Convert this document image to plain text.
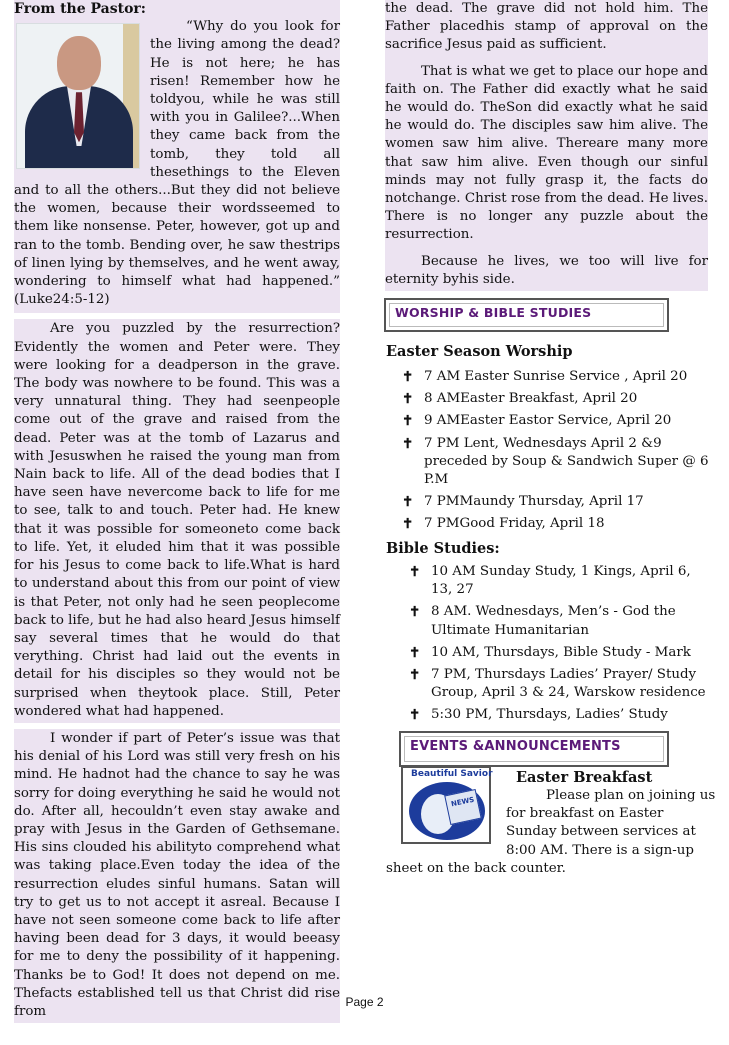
From the Pastor:

“Why do you look for the living among the dead? He is not here; he has risen! Remember how he toldyou, while he was still with you in Galilee?...When they came back from the tomb, they told all thesethings to the Eleven and to all the others...But they did not believe the women, because their wordsseemed to them like nonsense. Peter, however, got up and ran to the tomb. Bending over, he saw thestrips of linen lying by themselves, and he went away, wondering to himself what had happened.” (Luke24:5-12)

Are you puzzled by the resurrection? Evidently the women and Peter were. They were looking for a deadperson in the grave. The body was nowhere to be found. This was a very unnatural thing. They had seenpeople come out of the grave and raised from the dead. Peter was at the tomb of Lazarus and with Jesuswhen he raised the young man from Nain back to life. All of the dead bodies that I have seen have nevercome back to life for me to see, talk to and touch. Peter had. He knew that it was possible for someoneto come back to life. Yet, it eluded him that it was possible for his Jesus to come back to life.What is hard to understand about this from our point of view is that Peter, not only had he seen peoplecome back to life, but he had also heard Jesus himself say several times that he would do that verything. Christ had laid out the events in detail for his disciples so they would not be surprised when theytook place. Still, Peter wondered what had happened.

I wonder if part of Peter’s issue was that his denial of his Lord was still very fresh on his mind. He hadnot had the chance to say he was sorry for doing everything he said he would not do. After all, hecouldn’t even stay awake and pray with Jesus in the Garden of Gethsemane. His sins clouded his abilityto comprehend what was taking place.Even today the idea of the resurrection eludes sinful humans. Satan will try to get us to not accept it asreal. Because I have not seen someone come back to life after having been dead for 3 days, it would beeasy for me to deny the possibility of it happening. Thanks be to God! It does not depend on me. Thefacts established tell us that Christ did rise from

the dead. The grave did not hold him. The Father placedhis stamp of approval on the sacrifice Jesus paid as sufficient.

That is what we get to place our hope and faith on. The Father did exactly what he said he would do. TheSon did exactly what he said he would do. The disciples saw him alive. The women saw him alive. Thereare many more that saw him alive. Even though our sinful minds may not fully grasp it, the facts do notchange. Christ rose from the dead. He lives. There is no longer any puzzle about the resurrection.

Because he lives, we too will live for eternity byhis side.

WORSHIP & BIBLE STUDIES
Easter Season Worship
✝ 7 AM Easter Sunrise Service , April 20
✝ 8 AMEaster Breakfast, April 20
✝ 9 AMEaster Eastor Service, April 20
✝ 7 PM Lent, Wednesdays April 2 &9 preceded by Soup & Sandwich Super @ 6 P.M
✝ 7 PMMaundy Thursday, April 17
✝ 7 PMGood Friday, April 18
Bible Studies:
✝ 10 AM Sunday Study, 1 Kings, April 6, 13, 27
✝ 8 AM. Wednesdays, Men’s - God the Ultimate Humanitarian
✝ 10 AM, Thursdays, Bible Study - Mark
✝ 7 PM, Thursdays Ladies’ Prayer/ Study Group, April 3 & 24, Warskow residence
✝ 5:30 PM, Thursdays, Ladies’ Study
EVENTS &ANNOUNCEMENTS
Beautiful Savior
NEWS
Easter Breakfast
Please plan on joining us for breakfast on Easter Sunday between services at 8:00 AM. There is a sign-up sheet on the back counter.
Page 2
